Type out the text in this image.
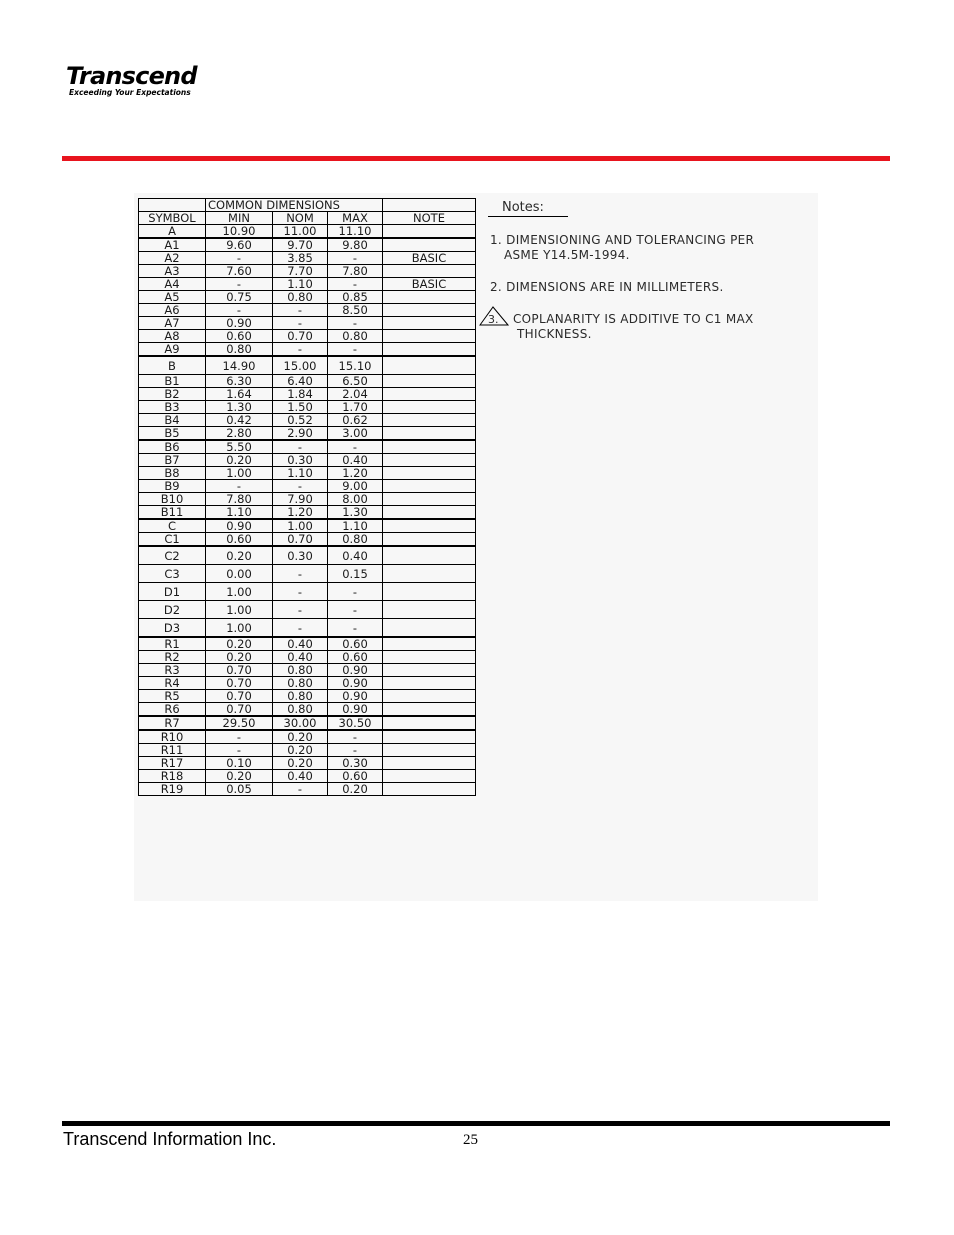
Transcend
Exceeding Your Expectations
	COMMON DIMENSIONS			
SYMBOL	MIN	NOM	MAX	NOTE
A	10.90	11.00	11.10	
A1	9.60	9.70	9.80	
A2	-	3.85	-	BASIC
A3	7.60	7.70	7.80	
A4	-	1.10	-	BASIC
A5	0.75	0.80	0.85	
A6	-	-	8.50	
A7	0.90	-	-	
A8	0.60	0.70	0.80	
A9	0.80	-	-	
B	14.90	15.00	15.10	
B1	6.30	6.40	6.50	
B2	1.64	1.84	2.04	
B3	1.30	1.50	1.70	
B4	0.42	0.52	0.62	
B5	2.80	2.90	3.00	
B6	5.50	-	-	
B7	0.20	0.30	0.40	
B8	1.00	1.10	1.20	
B9	-	-	9.00	
B10	7.80	7.90	8.00	
B11	1.10	1.20	1.30	
C	0.90	1.00	1.10	
C1	0.60	0.70	0.80	
C2	0.20	0.30	0.40	
C3	0.00	-	0.15	
D1	1.00	-	-	
D2	1.00	-	-	
D3	1.00	-	-	
R1	0.20	0.40	0.60	
R2	0.20	0.40	0.60	
R3	0.70	0.80	0.90	
R4	0.70	0.80	0.90	
R5	0.70	0.80	0.90	
R6	0.70	0.80	0.90	
R7	29.50	30.00	30.50	
R10	-	0.20	-	
R11	-	0.20	-	
R17	0.10	0.20	0.30	
R18	0.20	0.40	0.60	
R19	0.05	-	0.20	
Notes:
1. DIMENSIONING AND TOLERANCING PER
ASME Y14.5M-1994.
2. DIMENSIONS ARE IN MILLIMETERS.
3. COPLANARITY IS ADDITIVE TO C1 MAX
THICKNESS.
Transcend Information Inc.	25
